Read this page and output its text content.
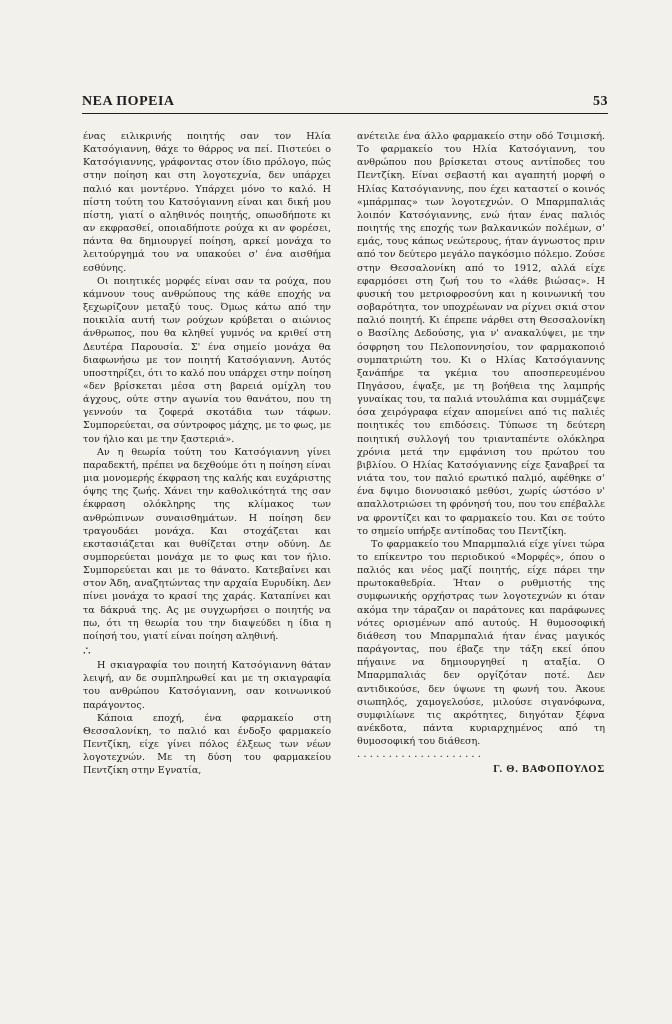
ΝΕΑ ΠΟΡΕΙΑ	53

ένας ειλικρινής ποιητής σαν τον Ηλία Κατσόγιαννη, θάχε το θάρρος να πεί. Πιστεύει ο Κατσόγιαννης, γράφοντας στον ίδιο πρόλογο, πώς στην ποίηση και στη λογοτεχνία, δεν υπάρχει παλιό και μοντέρνο. Υπάρχει μόνο το καλό. Η πίστη τούτη του Κατσόγιαννη είναι και δική μου πίστη, γιατί ο αληθινός ποιητής, οπωσδήποτε κι αν εκφρασθεί, οποιαδήποτε ρούχα κι αν φορέσει, πάντα θα δημιουργεί ποίηση, αρκεί μονάχα το λειτούργημά του να υπακούει σ' ένα αισθήμα εσθύνης.

Οι ποιητικές μορφές είναι σαν τα ρούχα, που κάμνουν τους ανθρώπους της κάθε εποχής να ξεχωρίζουν μεταξύ τους. Όμως κάτω από την ποικιλία αυτή των ρούχων κρύβεται ο αιώνιος άνθρωπος, που θα κληθεί γυμνός να κριθεί στη Δευτέρα Παρουσία. Σ' ένα σημείο μονάχα θα διαφωνήσω με τον ποιητή Κατσόγιαννη. Αυτός υποστηρίζει, ότι το καλό που υπάρχει στην ποίηση «δεν βρίσκεται μέσα στη βαρειά ομίχλη του άγχους, ούτε στην αγωνία του θανάτου, που τη γεννούν τα ζοφερά σκοτάδια των τάφων. Συμπορεύεται, σα σύντροφος μάχης, με το φως, με τον ήλιο και με την ξαστεριά».

Αν η θεωρία τούτη του Κατσόγιαννη γίνει παραδεκτή, πρέπει να δεχθούμε ότι η ποίηση είναι μια μονομερής έκφραση της καλής και ευχάριστης όψης της ζωής. Χάνει την καθολικότητά της σαν έκφραση ολόκληρης της κλίμακος των ανθρώπινων συναισθημάτων. Η ποίηση δεν τραγουδάει μονάχα. Και στοχάζεται και εκστασιάζεται και θυθίζεται στην οδύνη. Δε συμπορεύεται μονάχα με το φως και τον ήλιο. Συμπορεύεται και με το θάνατο. Κατεβαίνει και στον Άδη, αναζητώντας την αρχαία Ευρυδίκη. Δεν πίνει μονάχα το κρασί της χαράς. Καταπίνει και τα δάκρυά της. Ας με συγχωρήσει ο ποιητής να πω, ότι τη θεωρία του την διαψεύδει η ίδια η ποίησή του, γιατί είναι ποίηση αληθινή.

∴

Η σκιαγραφία του ποιητή Κατσόγιαννη θάταν λειψή, αν δε συμπληρωθεί και με τη σκιαγραφία του ανθρώπου Κατσόγιαννη, σαν κοινωνικού παράγοντος.

Κάποια εποχή, ένα φαρμακείο στη Θεσσαλονίκη, το παλιό και ένδοξο φαρμακείο Πεντζίκη, είχε γίνει πόλος έλξεως των νέων λογοτεχνών. Με τη δύση του φαρμακείου Πεντζίκη στην Εγνατία,

ανέτειλε ένα άλλο φαρμακείο στην οδό Τσιμισκή. Το φαρμακείο του Ηλία Κατσόγιαννη, του ανθρώπου που βρίσκεται στους αντίποδες του Πεντζίκη. Είναι σεβαστή και αγαπητή μορφή ο Ηλίας Κατσόγιαννης, που έχει καταστεί ο κοινός «μπάρμπας» των λογοτεχνών. Ο Μπαρμπαλιάς λοιπόν Κατσόγιαννης, ενώ ήταν ένας παλιός ποιητής της εποχής των βαλκανικών πολέμων, σ' εμάς, τους κάπως νεώτερους, ήταν άγνωστος πριν από τον δεύτερο μεγάλο παγκόσμιο πόλεμο. Ζούσε στην Θεσσαλονίκη από το 1912, αλλά είχε εφαρμόσει στη ζωή του το «λάθε βιώσας». Η φυσική του μετριοφροσύνη και η κοινωνική του σοβαρότητα, τον υποχρέωναν να ρίχνει σκιά στον παλιό ποιητή. Κι έπρεπε νάρθει στη Θεσσαλονίκη ο Βασίλης Δεδούσης, για ν' ανακαλύψει, με την όσφρηση του Πελοποννησίου, τον φαρμακοποιό συμπατριώτη του. Κι ο Ηλίας Κατσόγιαννης ξανάπήρε τα γκέμια του αποσπερευμένου Πηγάσου, έψαξε, με τη βοήθεια της λαμπρής γυναίκας του, τα παλιά ντουλάπια και συμμάζεψε όσα χειρόγραφα είχαν απομείνει από τις παλιές ποιητικές του επιδόσεις. Τύπωσε τη δεύτερη ποιητική συλλογή του τριανταπέντε ολόκληρα χρόνια μετά την εμφάνιση του πρώτου του βιβλίου. Ο Ηλίας Κατσόγιαννης είχε ξαναβρεί τα νιάτα του, τον παλιό ερωτικό παλμό, αφέθηκε σ' ένα δψιμο διονυσιακό μεθύσι, χωρίς ώστόσο ν' απαλλοτριώσει τη φρόνησή του, που του επέβαλλε να φροντίζει και το φαρμακείο του. Και σε τούτο το σημείο υπήρξε αντίποδας του Πεντζίκη.

Το φαρμακείο του Μπαρμπαλιά είχε γίνει τώρα το επίκεντρο του περιοδικού «Μορφές», όπου ο παλιός και νέος μαζί ποιητής, είχε πάρει την πρωτοκαθεδρία. Ήταν ο ρυθμιστής της συμφωνικής ορχήστρας των λογοτεχνών κι όταν ακόμα την τάραζαν οι παράτονες και παράφωνες νότες ορισμένων από αυτούς. Η θυμοσοφική διάθεση του Μπαρμπαλιά ήταν ένας μαγικός παράγοντας, που έβαζε την τάξη εκεί όπου πήγαινε να δημιουργηθεί η αταξία. Ο Μπαρμπαλιάς δεν οργίζόταν ποτέ. Δεν αντιδικούσε, δεν ύψωνε τη φωνή του. Άκουε σιωπηλός, χαμογελούσε, μιλούσε σιγανόφωνα, συμφιλίωνε τις ακρότητες, διηγόταν ξέφνα ανέκδοτα, πάντα κυριαρχημένος από τη θυμοσοφική του διάθεση.

. . . . . . . . . . . . . . . . . . . .
Γ. Θ. ΒΑΦΟΠΟΥΛΟΣ
